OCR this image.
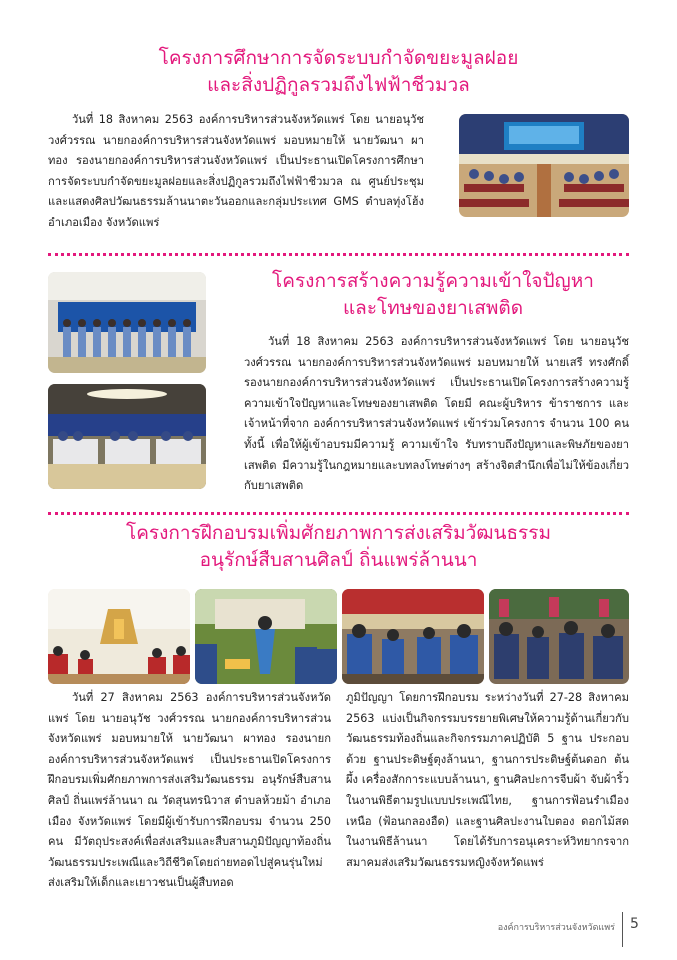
โครงการศึกษาการจัดระบบกำจัดขยะมูลฝอย
และสิ่งปฏิกูลรวมถึงไฟฟ้าชีวมวล
วันที่ 18 สิงหาคม 2563 องค์การบริหารส่วนจังหวัดแพร่ โดย นายอนุวัช วงศ์วรรณ นายกองค์การบริหารส่วนจังหวัดแพร่ มอบหมายให้ นายวัฒนา ผาทอง รองนายกองค์การบริหารส่วนจังหวัดแพร่ เป็นประธานเปิดโครงการศึกษาการจัดระบบกำจัดขยะมูลฝอยและสิ่งปฏิกูลรวมถึงไฟฟ้าชีวมวล ณ ศูนย์ประชุมและแสดงศิลปวัฒนธรรมล้านนาตะวันออกและกลุ่มประเทศ GMS ตำบลทุ่งโฮ้ง อำเภอเมือง จังหวัดแพร่
โครงการสร้างความรู้ความเข้าใจปัญหา
และโทษของยาเสพติด
วันที่ 18 สิงหาคม 2563 องค์การบริหารส่วนจังหวัดแพร่ โดย นายอนุวัช วงศ์วรรณ นายกองค์การบริหารส่วนจังหวัดแพร่ มอบหมายให้ นายเสรี ทรงศักดิ์ รองนายกองค์การบริหารส่วนจังหวัดแพร่ เป็นประธานเปิดโครงการสร้างความรู้ความเข้าใจปัญหาและโทษของยาเสพติด โดยมี คณะผู้บริหาร ข้าราชการ และเจ้าหน้าที่จาก องค์การบริหารส่วนจังหวัดแพร่ เข้าร่วมโครงการ จำนวน 100 คน ทั้งนี้ เพื่อให้ผู้เข้าอบรมมีความรู้ ความเข้าใจ รับทราบถึงปัญหาและพิษภัยของยาเสพติด มีความรู้ในกฎหมายและบทลงโทษต่างๆ สร้างจิตสำนึกเพื่อไม่ให้ข้องเกี่ยวกับยาเสพติด
โครงการฝึกอบรมเพิ่มศักยภาพการส่งเสริมวัฒนธรรม
อนุรักษ์สืบสานศิลป์ ถิ่นแพร่ล้านนา
วันที่ 27 สิงหาคม 2563 องค์การบริหารส่วนจังหวัดแพร่ โดย นายอนุวัช วงศ์วรรณ นายกองค์การบริหารส่วนจังหวัดแพร่ มอบหมายให้ นายวัฒนา ผาทอง รองนายกองค์การบริหารส่วนจังหวัดแพร่ เป็นประธานเปิดโครงการฝึกอบรมเพิ่มศักยภาพการส่งเสริมวัฒนธรรม อนุรักษ์สืบสานศิลป์ ถิ่นแพร่ล้านนา ณ วัดสุนทรนิวาส ตำบลห้วยม้า อำเภอเมือง จังหวัดแพร่ โดยมีผู้เข้ารับการฝึกอบรม จำนวน 250 คน มีวัตถุประสงค์เพื่อส่งเสริมและสืบสานภูมิปัญญาท้องถิ่น วัฒนธรรมประเพณีและวิถีชีวิตโดยถ่ายทอดไปสู่คนรุ่นใหม่ ส่งเสริมให้เด็กและเยาวชนเป็นผู้สืบทอด
ภูมิปัญญา โดยการฝึกอบรม ระหว่างวันที่ 27-28 สิงหาคม 2563 แบ่งเป็นกิจกรรมบรรยายพิเศษให้ความรู้ด้านเกี่ยวกับวัฒนธรรมท้องถิ่นและกิจกรรมภาคปฏิบัติ 5 ฐาน ประกอบด้วย ฐานประดิษฐ์ตุงล้านนา, ฐานการประดิษฐ์ต้นดอก ต้นผึ้ง เครื่องสักการะแบบล้านนา, ฐานศิลปะการจีบผ้า จับผ้าริ้วในงานพิธีตามรูปแบบประเพณีไทย, ฐานการฟ้อนรำเมืองเหนือ (ฟ้อนกลองอืด) และฐานศิลปะงานใบตอง ดอกไม้สดในงานพิธีล้านนา โดยได้รับการอนุเคราะห์วิทยากรจากสมาคมส่งเสริมวัฒนธรรมหญิงจังหวัดแพร่
องค์การบริหารส่วนจังหวัดแพร่ 5
